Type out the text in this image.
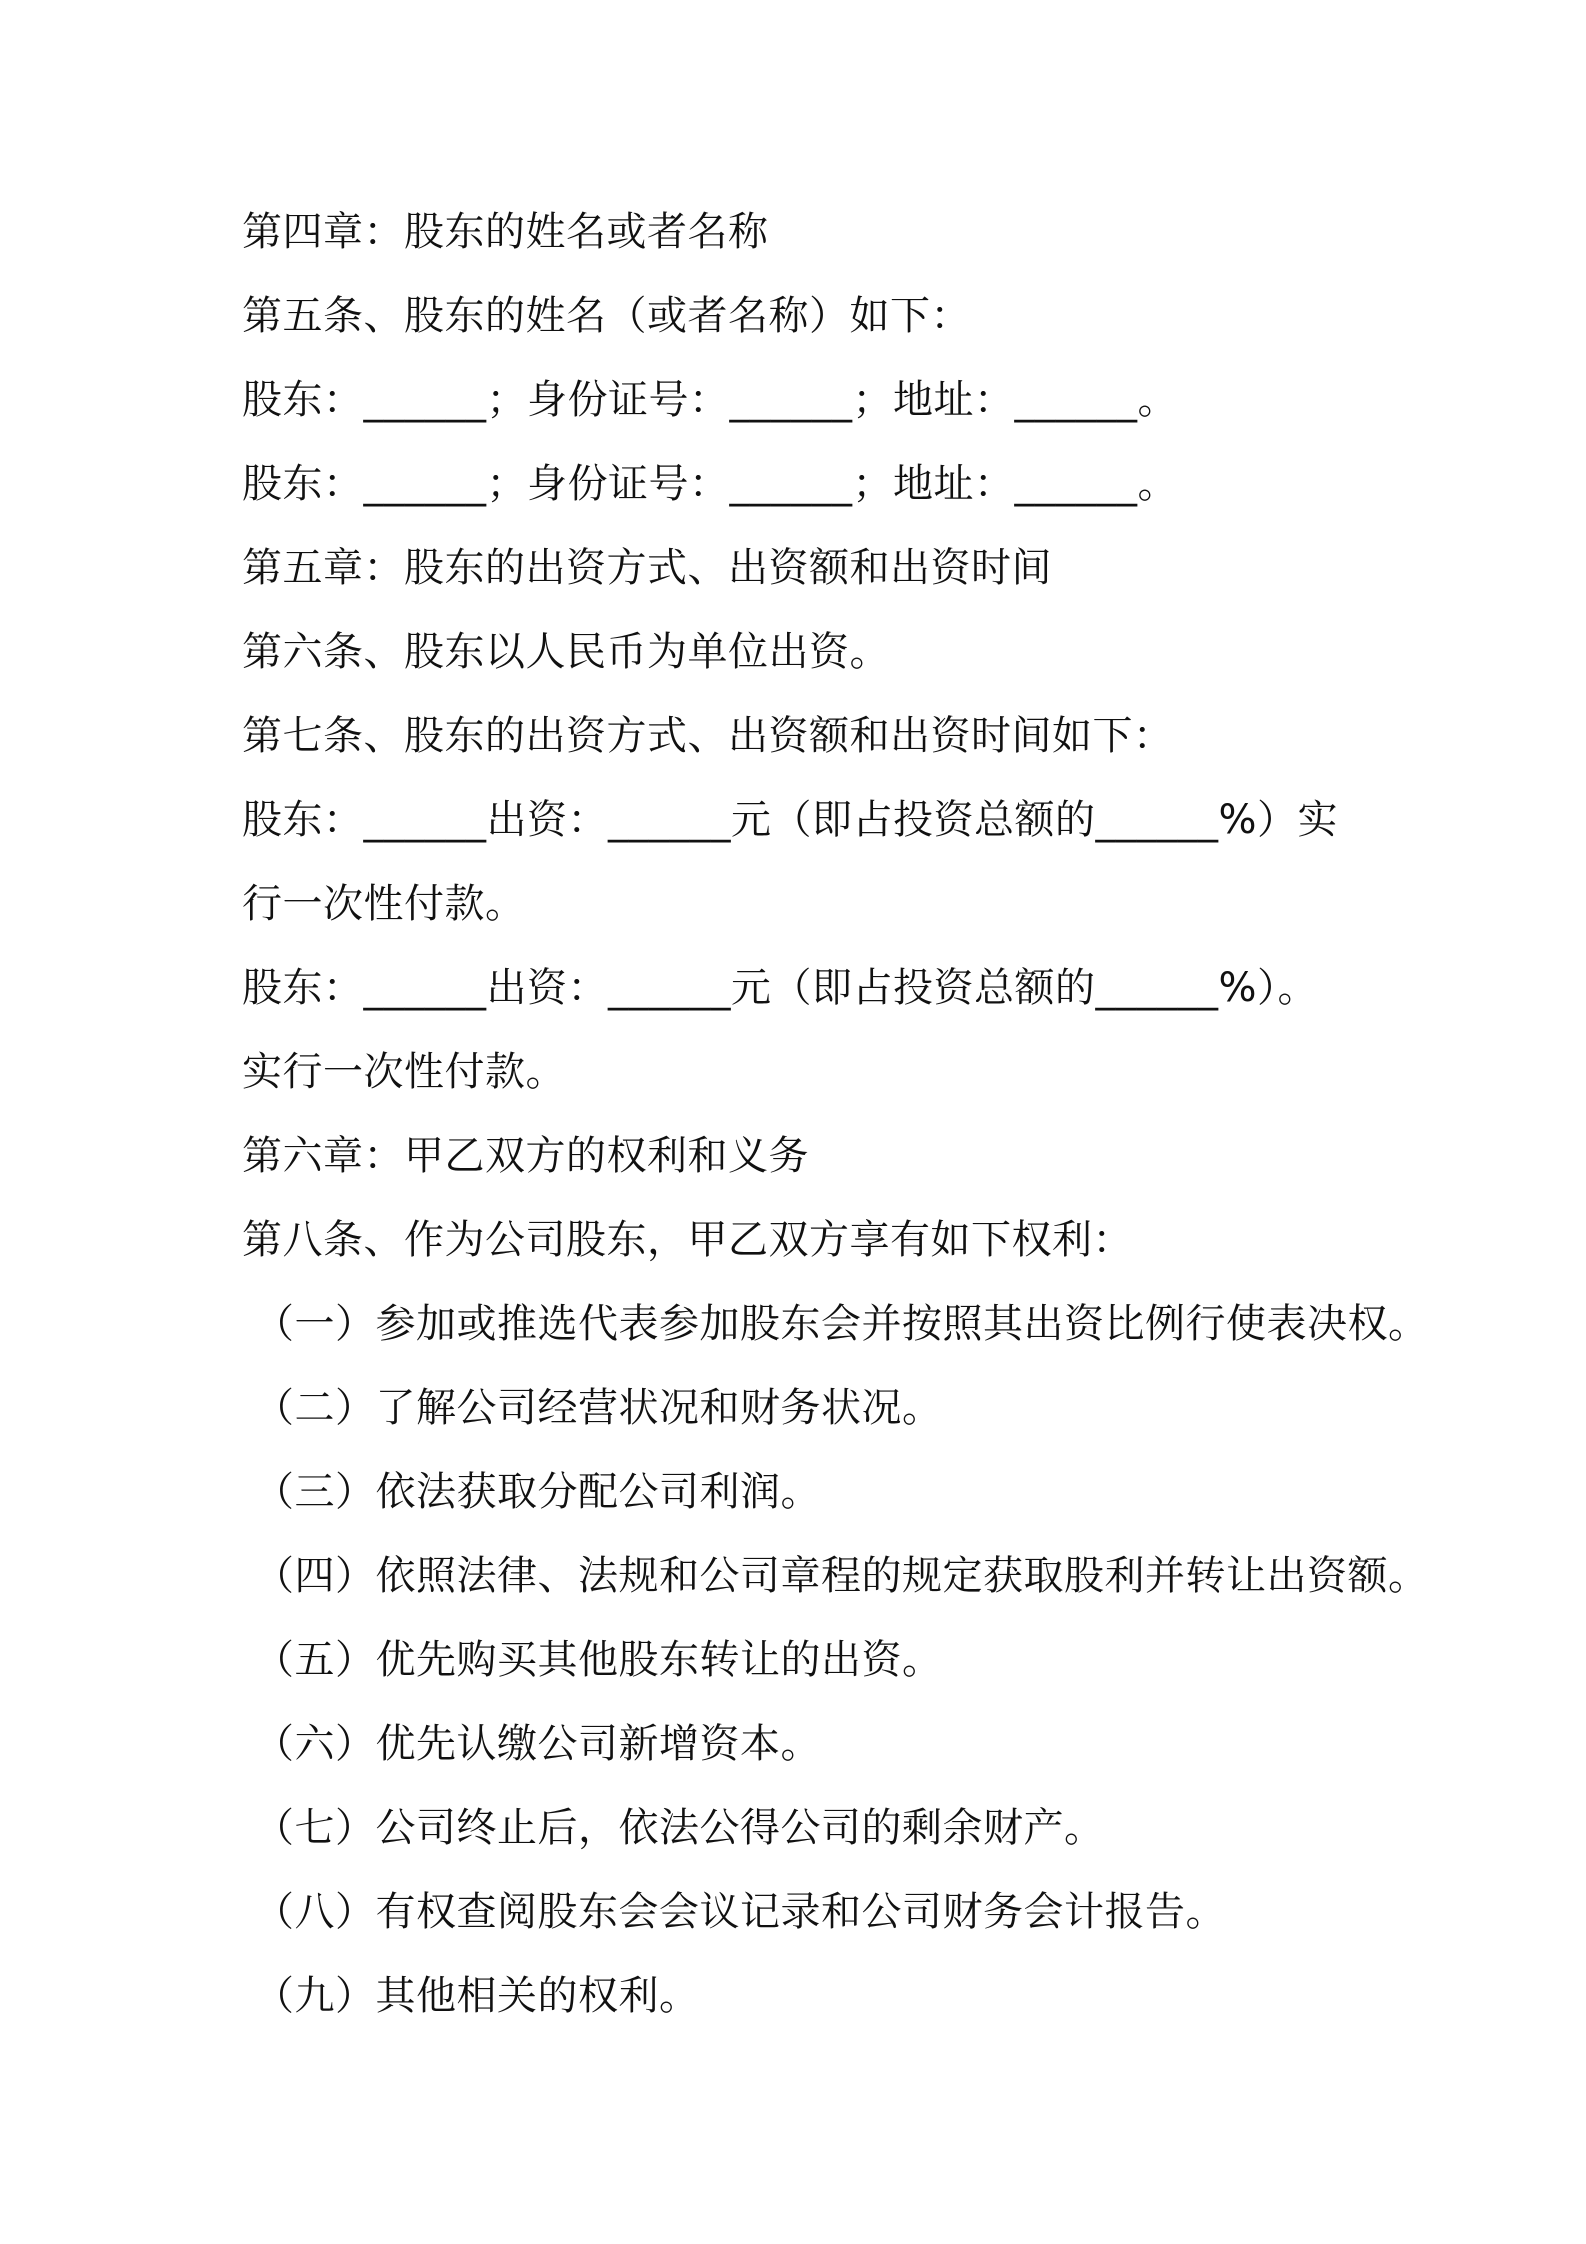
第四章：股东的姓名或者名称
第五条、股东的姓名（或者名称）如下：
股东：______；身份证号：______；地址：______。
股东：______；身份证号：______；地址：______。
第五章：股东的出资方式、出资额和出资时间
第六条、股东以人民币为单位出资。
第七条、股东的出资方式、出资额和出资时间如下：
股东：______出资：______元（即占投资总额的______%）实
行一次性付款。
股东：______出资：______元（即占投资总额的______%）。
实行一次性付款。
第六章：甲乙双方的权利和义务
第八条、作为公司股东，甲乙双方享有如下权利：
（一）参加或推选代表参加股东会并按照其出资比例行使表决权。
（二）了解公司经营状况和财务状况。
（三）依法获取分配公司利润。
（四）依照法律、法规和公司章程的规定获取股利并转让出资额。
（五）优先购买其他股东转让的出资。
（六）优先认缴公司新增资本。
（七）公司终止后，依法公得公司的剩余财产。
（八）有权查阅股东会会议记录和公司财务会计报告。
（九）其他相关的权利。
